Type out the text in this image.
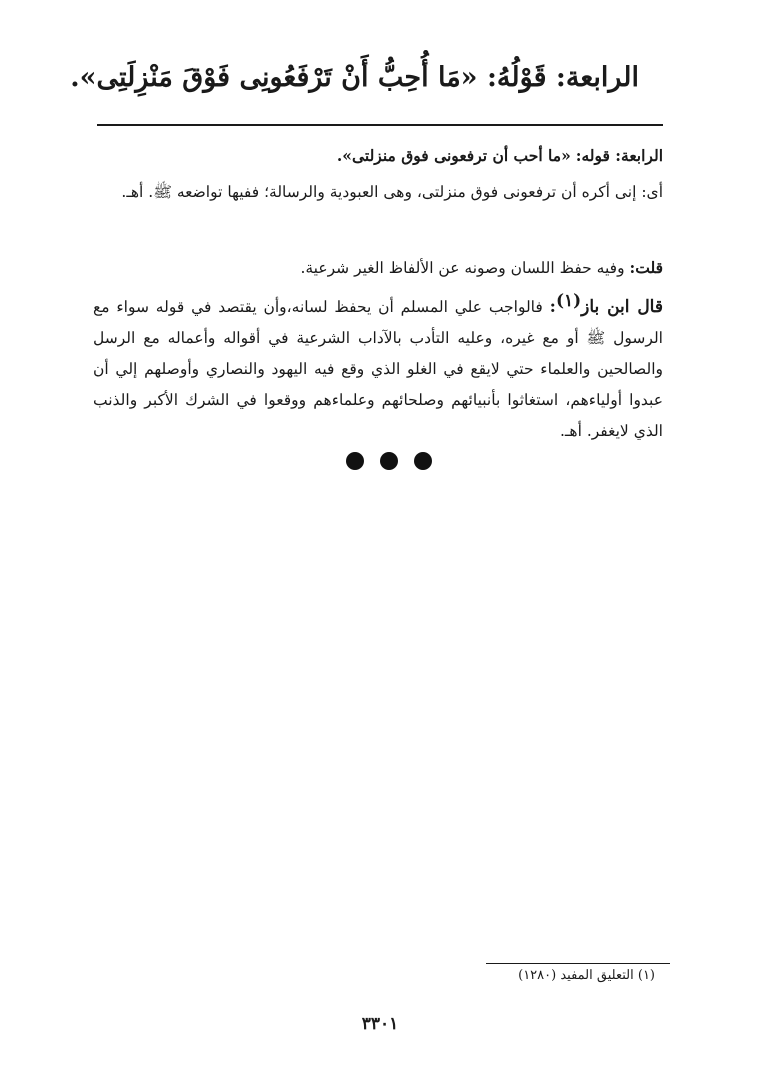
الرابعة: قَوْلُهُ: «مَا أُحِبُّ أَنْ تَرْفَعُونِى فَوْقَ مَنْزِلَتِى».
الرابعة: قوله: «ما أحب أن ترفعونى فوق منزلتى».
أى: إنى أكره أن ترفعونى فوق منزلتى، وهى العبودية والرسالة؛ ففيها تواضعه ﷺ. أهـ.
قلت: وفيه حفظ اللسان وصونه عن الألفاظ الغير شرعية.
قال ابن باز$^{(١)}$: فالواجب علي المسلم أن يحفظ لسانه،وأن يقتصد في قوله سواء مع الرسول ﷺ أو مع غيره، وعليه التأدب بالآداب الشرعية في أقواله وأعماله مع الرسل والصالحين والعلماء حتي لايقع في الغلو الذي وقع فيه اليهود والنصاري وأوصلهم إلي أن عبدوا أولياءهم، استغاثوا بأنبيائهم وصلحائهم وعلماءهم ووقعوا في الشرك الأكبر والذنب الذي لايغفر. أهـ.
(١) التعليق المفيد (١٢٨٠)
٣٣٠١
